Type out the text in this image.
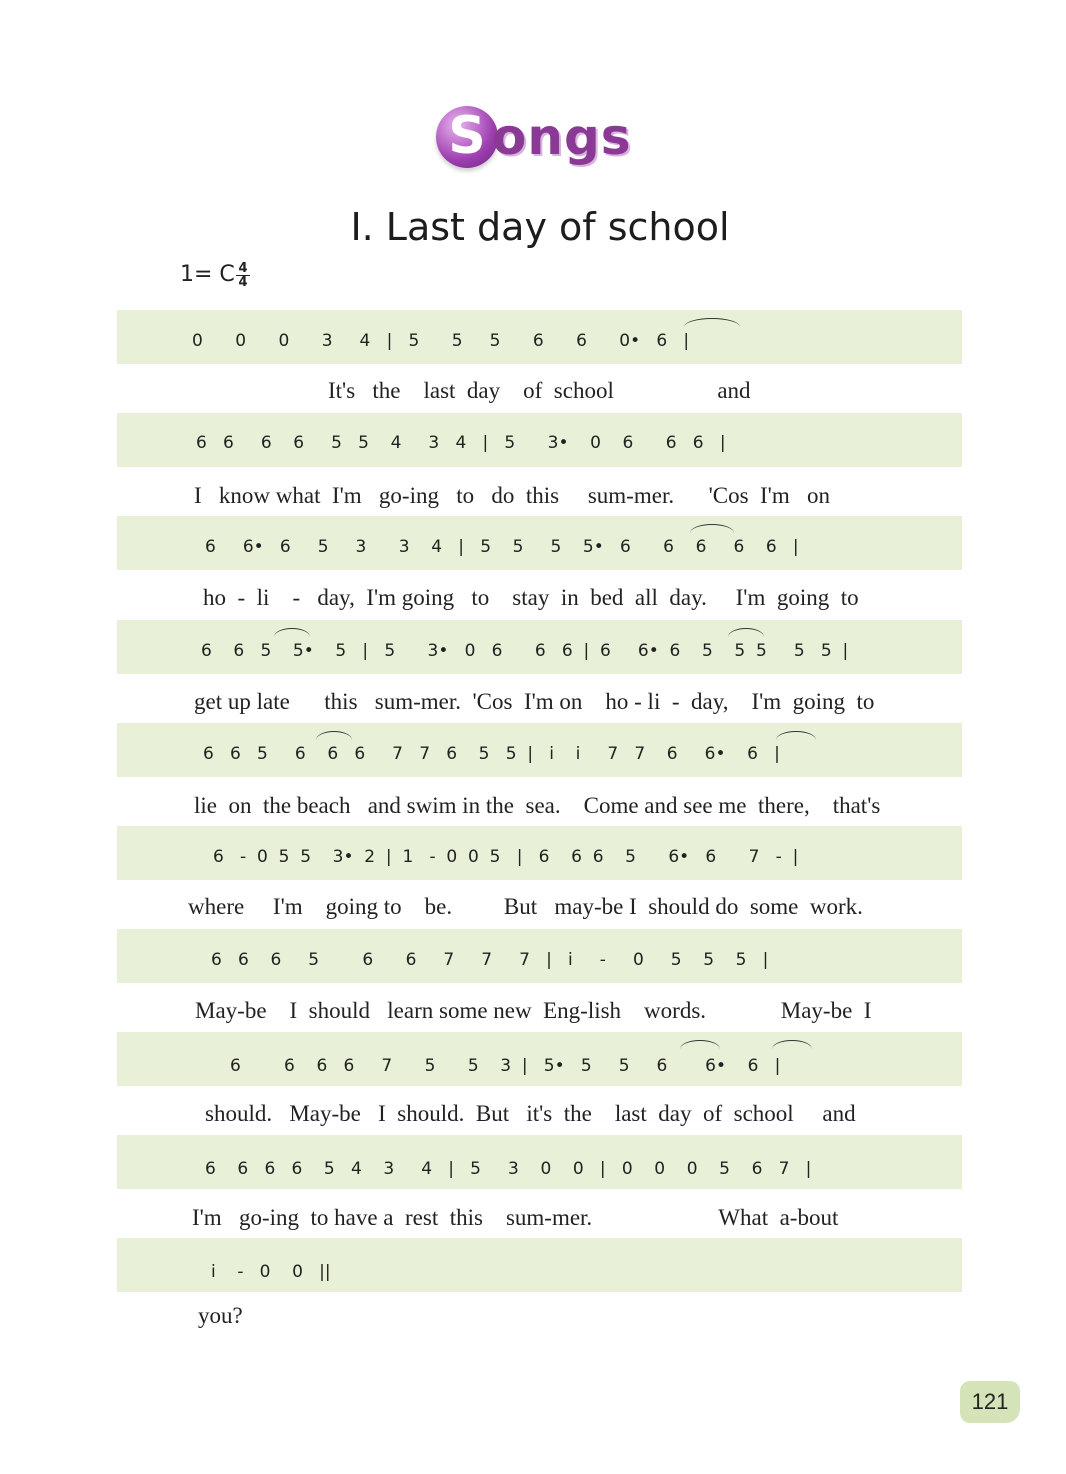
S ongs
I. Last day of school
1= C $\frac{4}{4}$
0      0      0      3     4   |   5      5     5      6      6      0•   6   |
It's   the    last  day    of  school                  and
6   6     6    6     5   5    4     3   4   |   5      3•    0    6      6   6   |
I   know what  I'm   go-ing   to   do  this     sum-mer.      'Cos  I'm   on
6     6•   6     5     3      3    4   |   5    5     5    5•   6      6    6     6    6   |
ho  -  li    -   day,  I'm going   to    stay  in  bed  all  day.     I'm  going  to
6    6   5    5•    5   |   5      3•   0   6      6   6  |  6     6•  6    5    5  5     5   5  |
get up late      this   sum-mer.  'Cos  I'm on    ho - li  -  day,    I'm  going  to
6   6   5     6    6   6     7   7   6    5   5  |   i    i     7   7    6     6•    6   |
lie  on  the beach   and swim in the  sea.    Come and see me  there,    that's
6   -  0  5  5    3•  2  |  1   -  0  0  5   |   6    6  6    5      6•   6      7   -  |
where     I'm    going to    be.         But   may-be I  should do  some  work.
6   6    6     5        6      6     7     7     7   |   i     -     0     5    5    5   |
May-be    I  should   learn some new  Eng-lish    words.             May-be  I
6        6    6   6     7      5      5    3  |   5•   5     5     6       6•    6   |
should.   May-be   I  should.  But   it's  the    last  day  of  school     and
6    6   6   6    5   4    3     4   |   5     3    0    0   |   0    0    0    5    6   7   |
I'm   go-ing  to have a  rest  this    sum-mer.                      What  a-bout
i    -   0    0   ||
you?
121
